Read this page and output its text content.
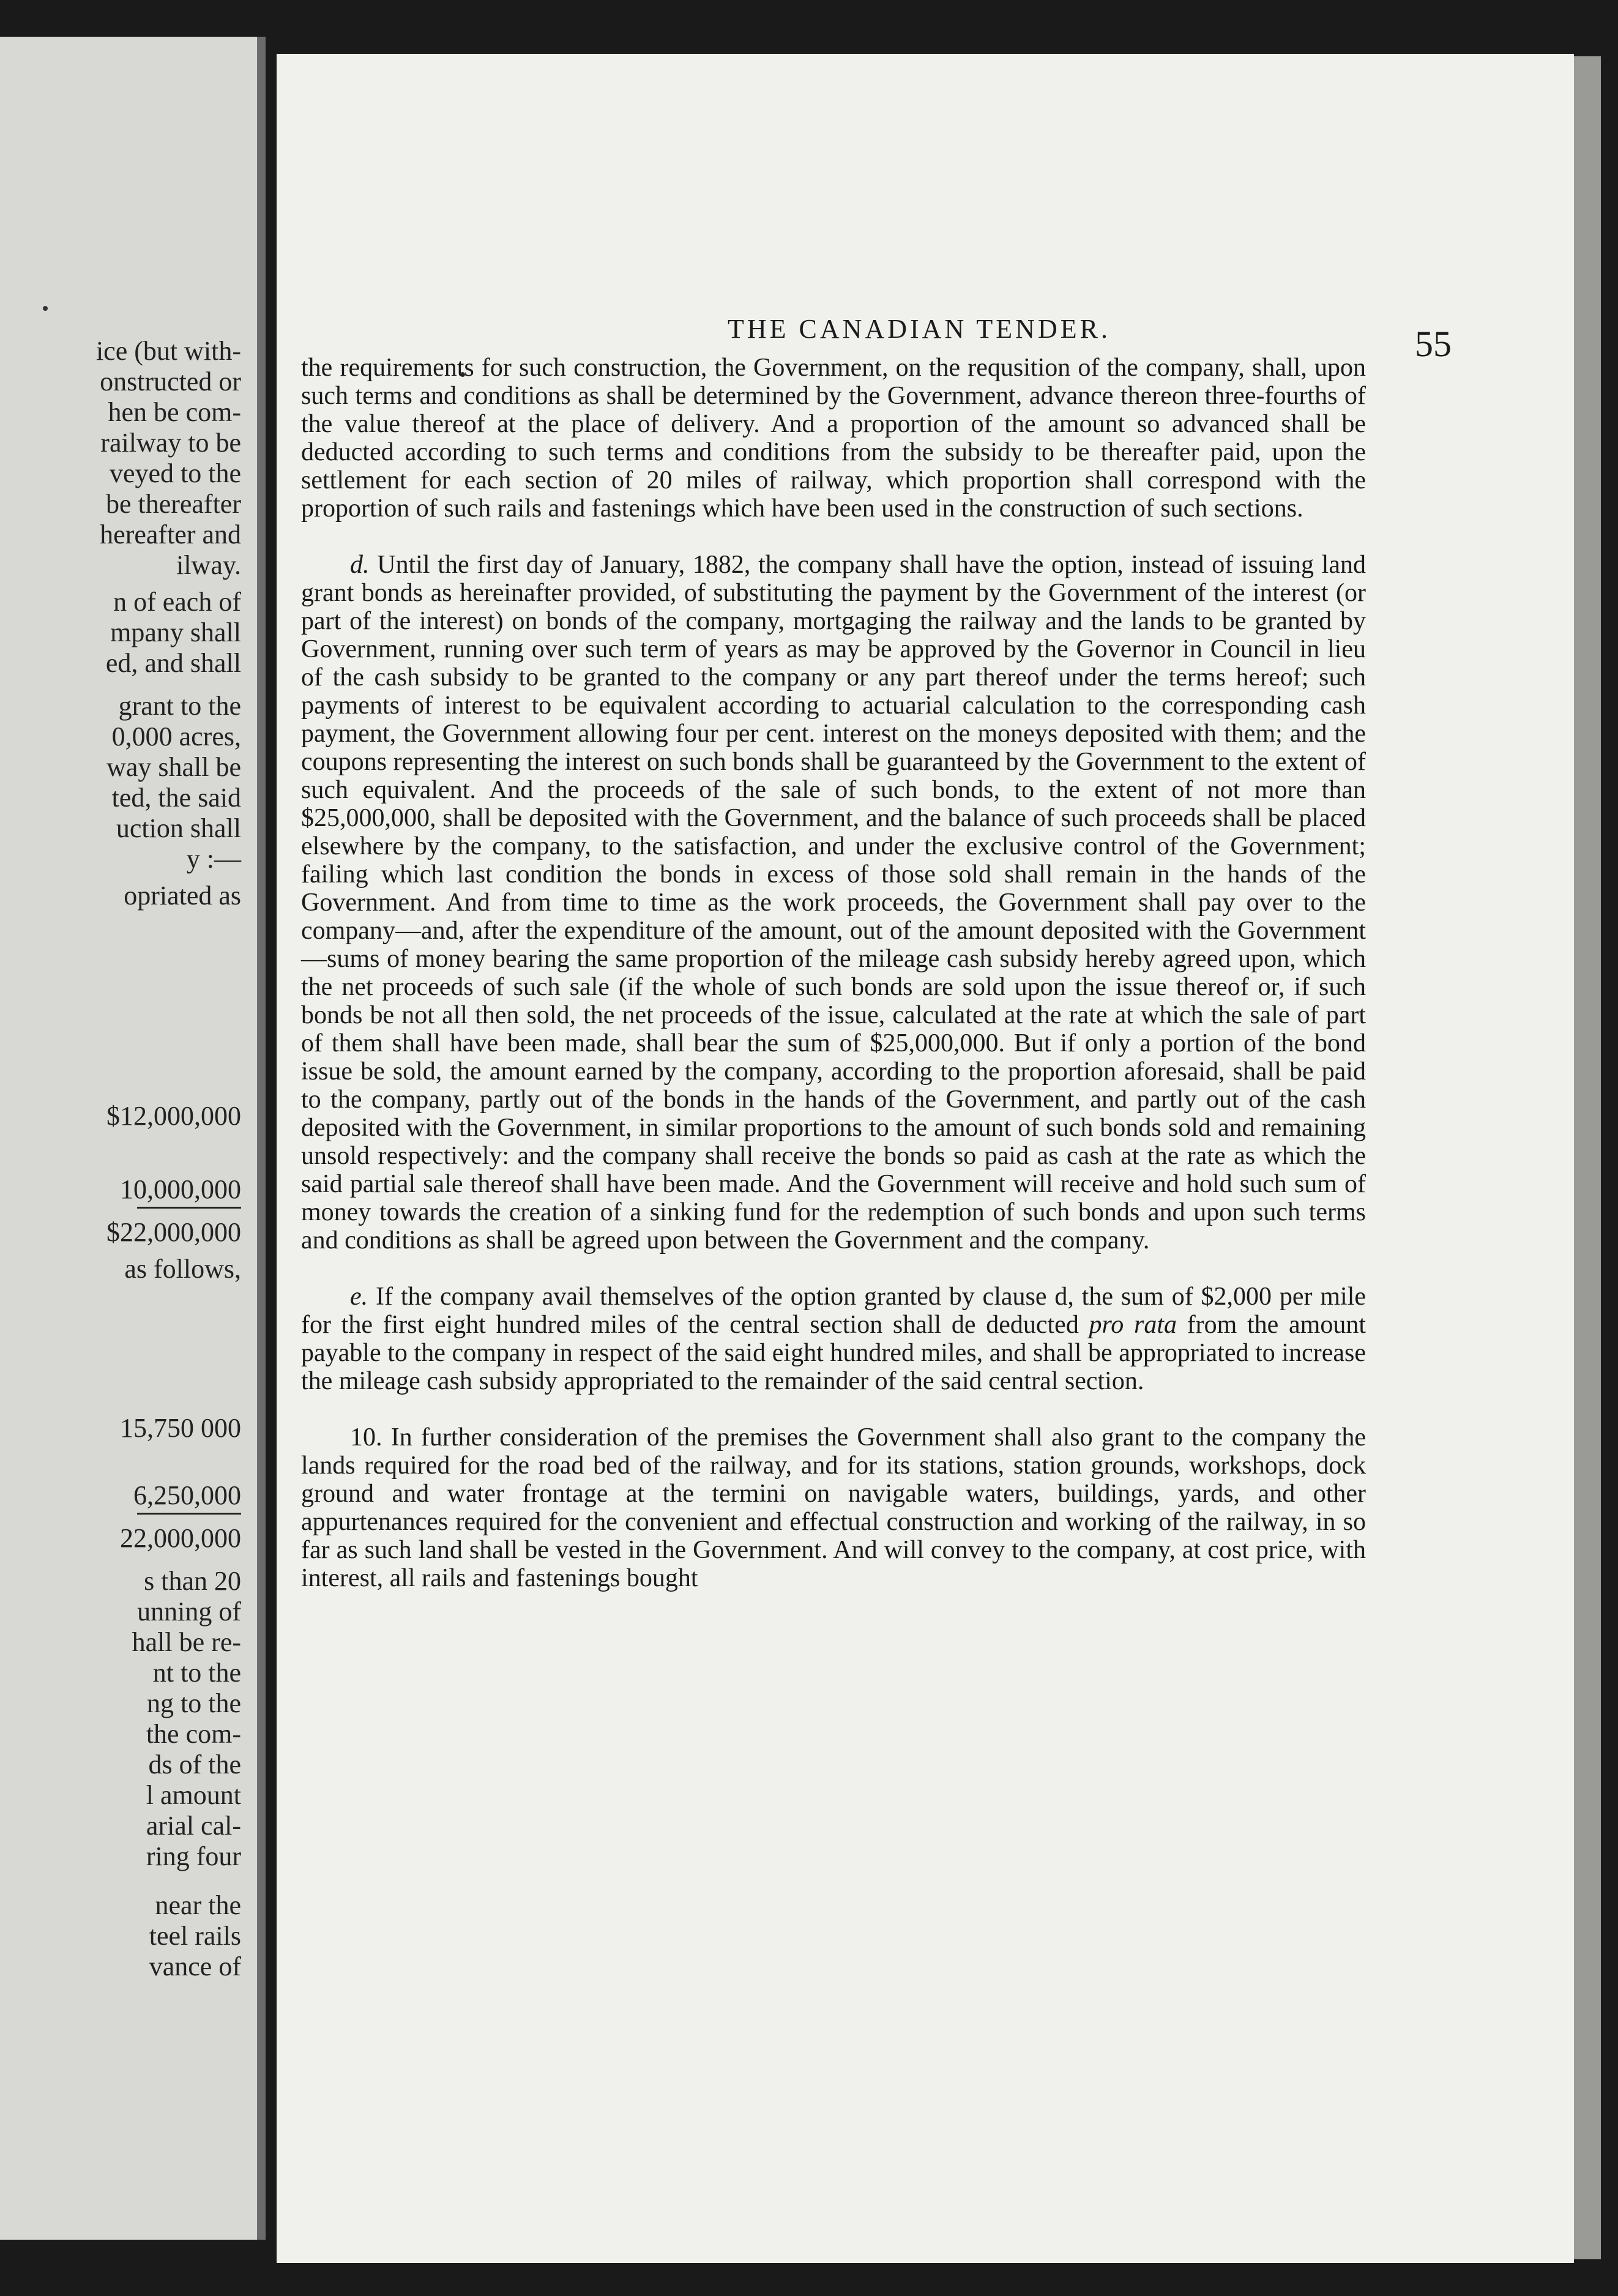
ice (but with-
onstructed or
hen be com-
railway to be
veyed to the
be thereafter
hereafter and
ilway.
n of each of
mpany shall
ed, and shall
grant to the
0,000 acres,
way shall be
ted, the said
uction shall
y :—
opriated as
$12,000,000
10,000,000
$22,000,000
as follows,
15,750 000
6,250,000
22,000,000
s than 20
unning of
hall be re-
nt to the
ng to the
the com-
ds of the
l amount
arial cal-
ring four
near the
teel rails
vance of
THE CANADIAN TENDER.	55

the requirements for such construction, the Government, on the requsition of the company, shall, upon such terms and conditions as shall be determined by the Government, advance thereon three-fourths of the value thereof at the place of delivery. And a proportion of the amount so advanced shall be deducted according to such terms and conditions from the subsidy to be thereafter paid, upon the settlement for each section of 20 miles of railway, which proportion shall correspond with the proportion of such rails and fastenings which have been used in the construction of such sections.

d. Until the first day of January, 1882, the company shall have the option, instead of issuing land grant bonds as hereinafter provided, of substituting the payment by the Government of the interest (or part of the interest) on bonds of the company, mortgaging the railway and the lands to be granted by Government, running over such term of years as may be approved by the Governor in Council in lieu of the cash subsidy to be granted to the company or any part thereof under the terms hereof; such payments of interest to be equivalent according to actuarial calculation to the corresponding cash payment, the Government allowing four per cent. interest on the moneys deposited with them; and the coupons representing the interest on such bonds shall be guaranteed by the Government to the extent of such equivalent. And the proceeds of the sale of such bonds, to the extent of not more than $25,000,000, shall be deposited with the Government, and the balance of such proceeds shall be placed elsewhere by the company, to the satisfaction, and under the exclusive control of the Government; failing which last condition the bonds in excess of those sold shall remain in the hands of the Government. And from time to time as the work proceeds, the Government shall pay over to the company—and, after the expenditure of the amount, out of the amount deposited with the Government—sums of money bearing the same proportion of the mileage cash subsidy hereby agreed upon, which the net proceeds of such sale (if the whole of such bonds are sold upon the issue thereof or, if such bonds be not all then sold, the net proceeds of the issue, calculated at the rate at which the sale of part of them shall have been made, shall bear the sum of $25,000,000. But if only a portion of the bond issue be sold, the amount earned by the company, according to the proportion aforesaid, shall be paid to the company, partly out of the bonds in the hands of the Government, and partly out of the cash deposited with the Government, in similar proportions to the amount of such bonds sold and remaining unsold respectively: and the company shall receive the bonds so paid as cash at the rate as which the said partial sale thereof shall have been made. And the Government will receive and hold such sum of money towards the creation of a sinking fund for the redemption of such bonds and upon such terms and conditions as shall be agreed upon between the Government and the company.

e. If the company avail themselves of the option granted by clause d, the sum of $2,000 per mile for the first eight hundred miles of the central section shall de deducted pro rata from the amount payable to the company in respect of the said eight hundred miles, and shall be appropriated to increase the mileage cash subsidy appropriated to the remainder of the said central section.

10. In further consideration of the premises the Government shall also grant to the company the lands required for the road bed of the railway, and for its stations, station grounds, workshops, dock ground and water frontage at the termini on navigable waters, buildings, yards, and other appurtenances required for the convenient and effectual construction and working of the railway, in so far as such land shall be vested in the Government. And will convey to the company, at cost price, with interest, all rails and fastenings bought
